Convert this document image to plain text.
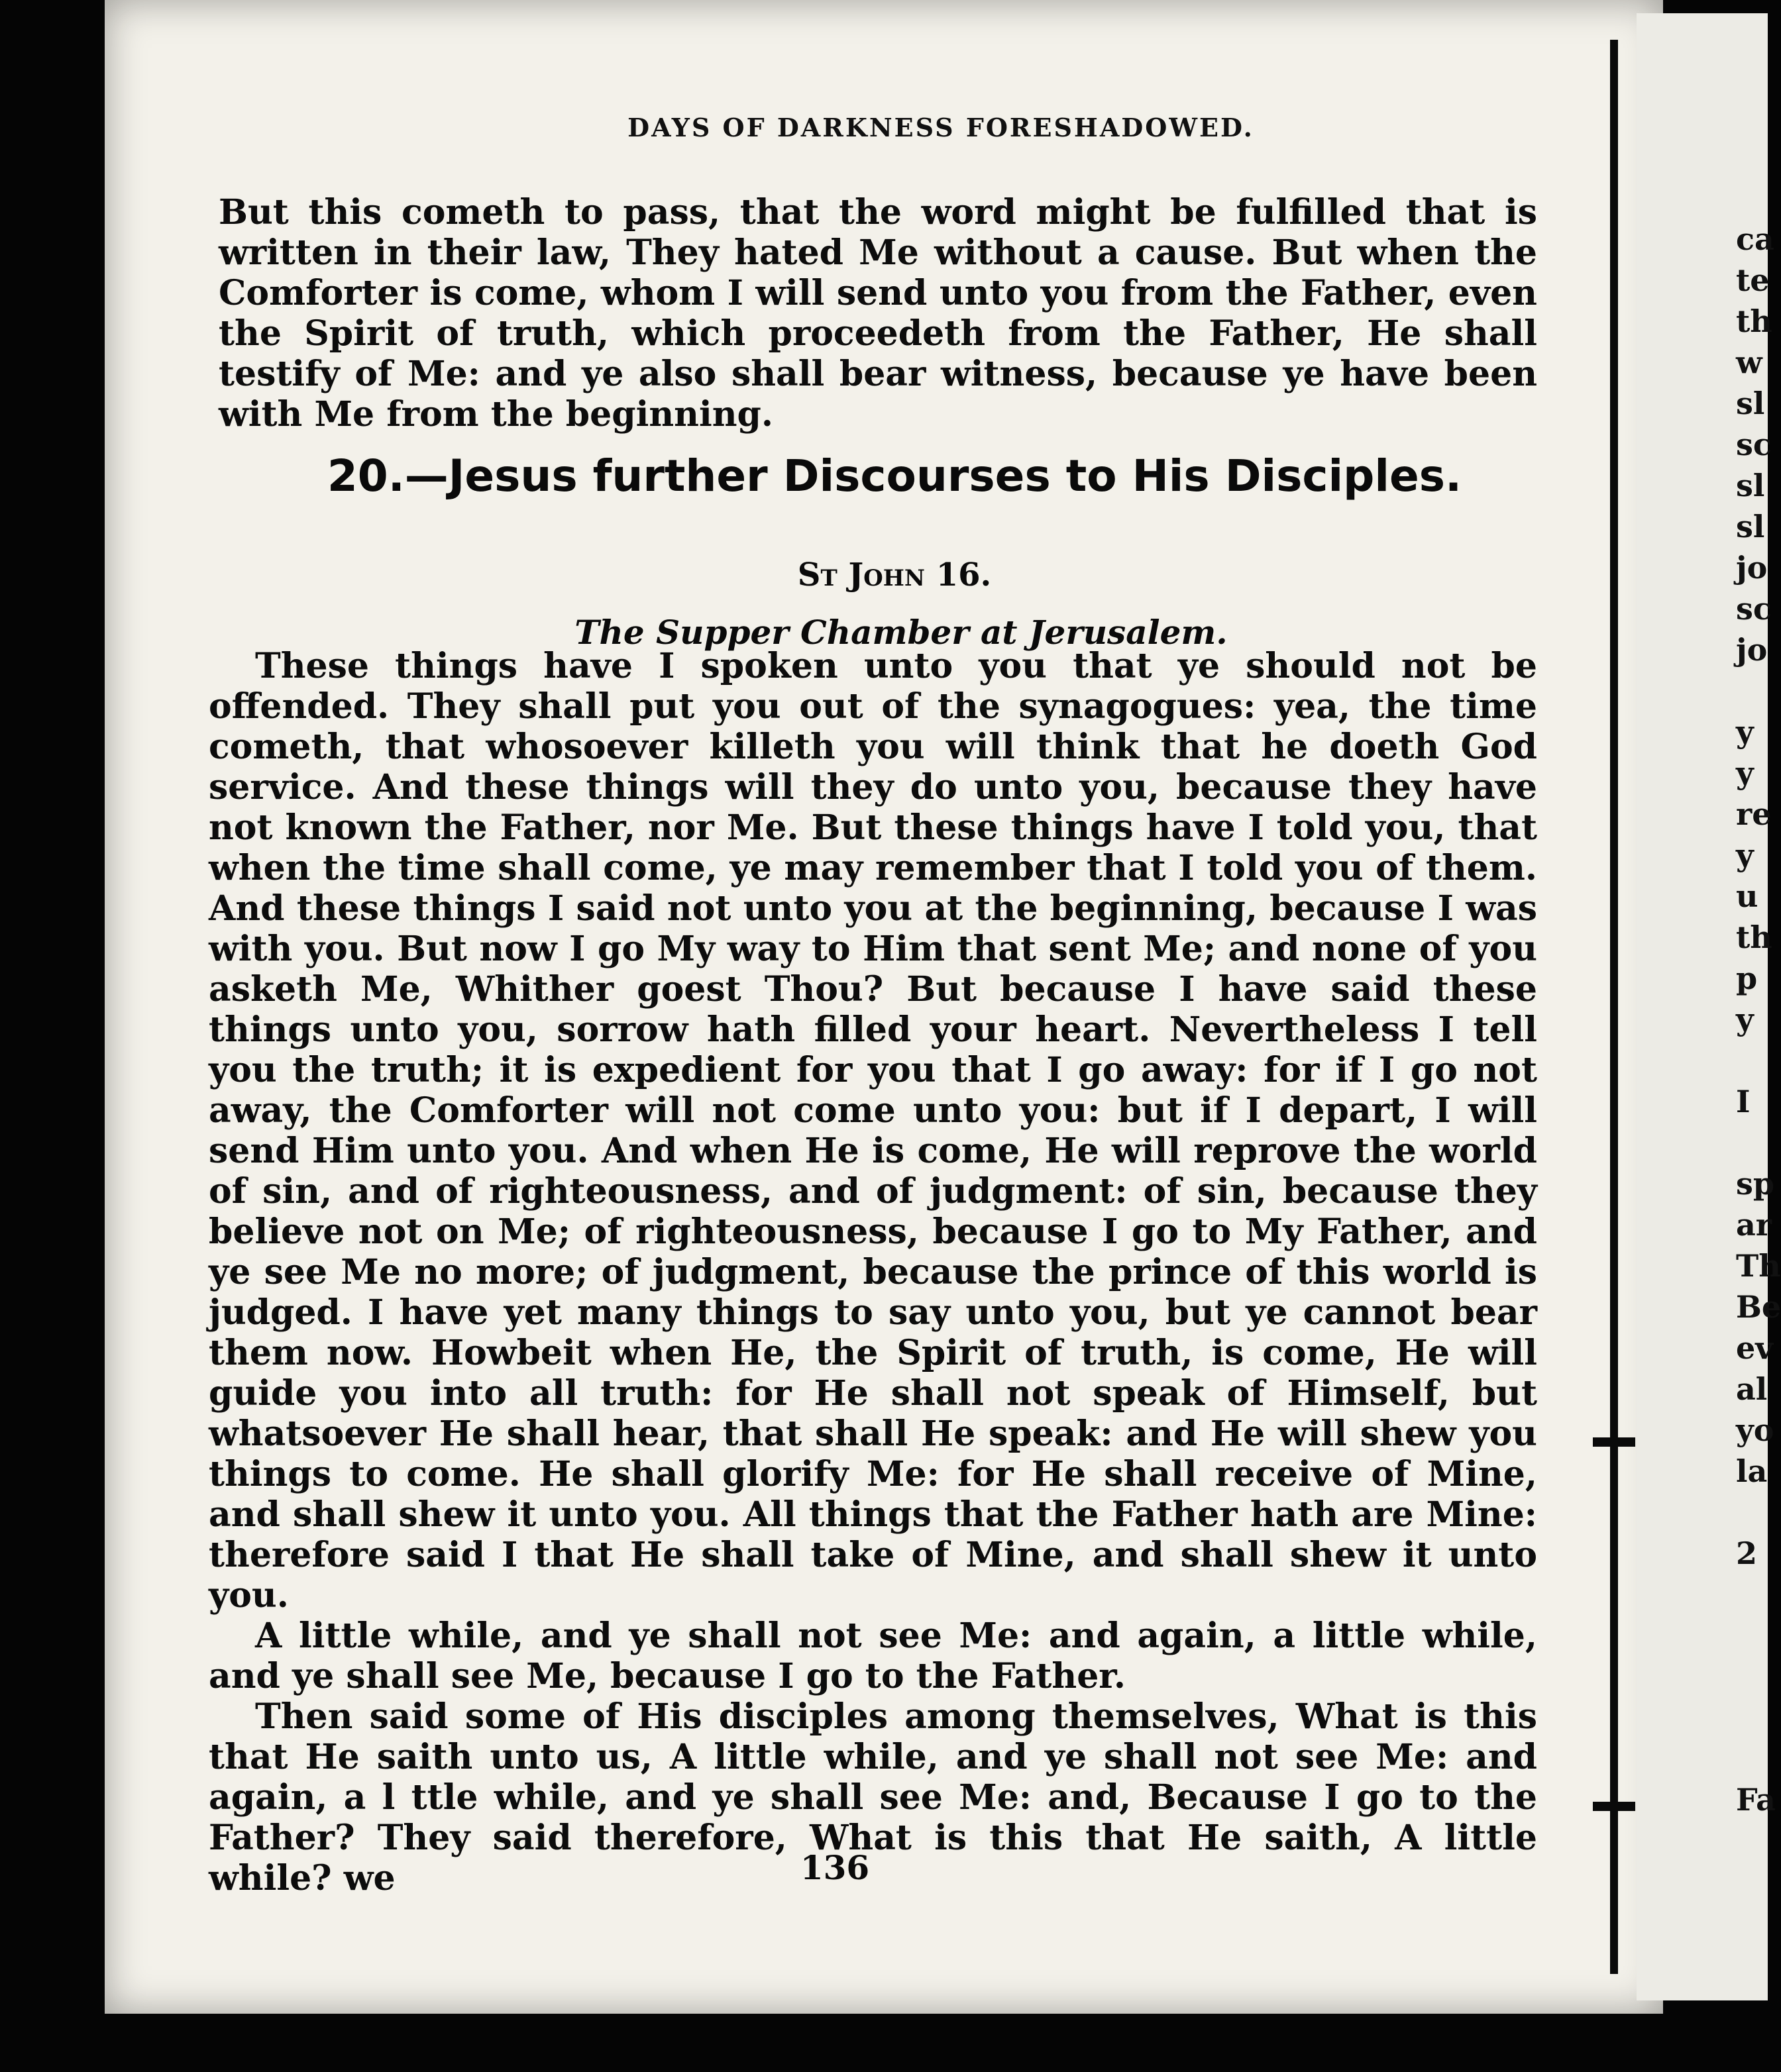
ca
te
th
w
sl
sc
sl
sl
jo
sc
jo
y
y
re
y
u
th
p
y
I
sp
ar
Th
Be
ev
al
yo
la
2
Fa
DAYS OF DARKNESS FORESHADOWED.

But this cometh to pass, that the word might be fulfilled that is written in their law, They hated Me without a cause. But when the Comforter is come, whom I will send unto you from the Father, even the Spirit of truth, which proceedeth from the Father, He shall testify of Me: and ye also shall bear witness, because ye have been with Me from the beginning.

20.—Jesus further Discourses to His Disciples.
St John 16.
The Supper Chamber at Jerusalem.

These things have I spoken unto you that ye should not be offended. They shall put you out of the synagogues: yea, the time cometh, that whosoever killeth you will think that he doeth God service. And these things will they do unto you, because they have not known the Father, nor Me. But these things have I told you, that when the time shall come, ye may remember that I told you of them. And these things I said not unto you at the beginning, because I was with you. But now I go My way to Him that sent Me; and none of you asketh Me, Whither goest Thou? But because I have said these things unto you, sorrow hath filled your heart. Nevertheless I tell you the truth; it is expedient for you that I go away: for if I go not away, the Comforter will not come unto you: but if I depart, I will send Him unto you. And when He is come, He will reprove the world of sin, and of righteousness, and of judgment: of sin, because they believe not on Me; of righteousness, because I go to My Father, and ye see Me no more; of judgment, because the prince of this world is judged. I have yet many things to say unto you, but ye cannot bear them now. Howbeit when He, the Spirit of truth, is come, He will guide you into all truth: for He shall not speak of Himself, but whatsoever He shall hear, that shall He speak: and He will shew you things to come. He shall glorify Me: for He shall receive of Mine, and shall shew it unto you. All things that the Father hath are Mine: therefore said I that He shall take of Mine, and shall shew it unto you.

A little while, and ye shall not see Me: and again, a little while, and ye shall see Me, because I go to the Father.

Then said some of His disciples among themselves, What is this that He saith unto us, A little while, and ye shall not see Me: and again, a l ttle while, and ye shall see Me: and, Because I go to the Father? They said therefore, What is this that He saith, A little while? we	136
